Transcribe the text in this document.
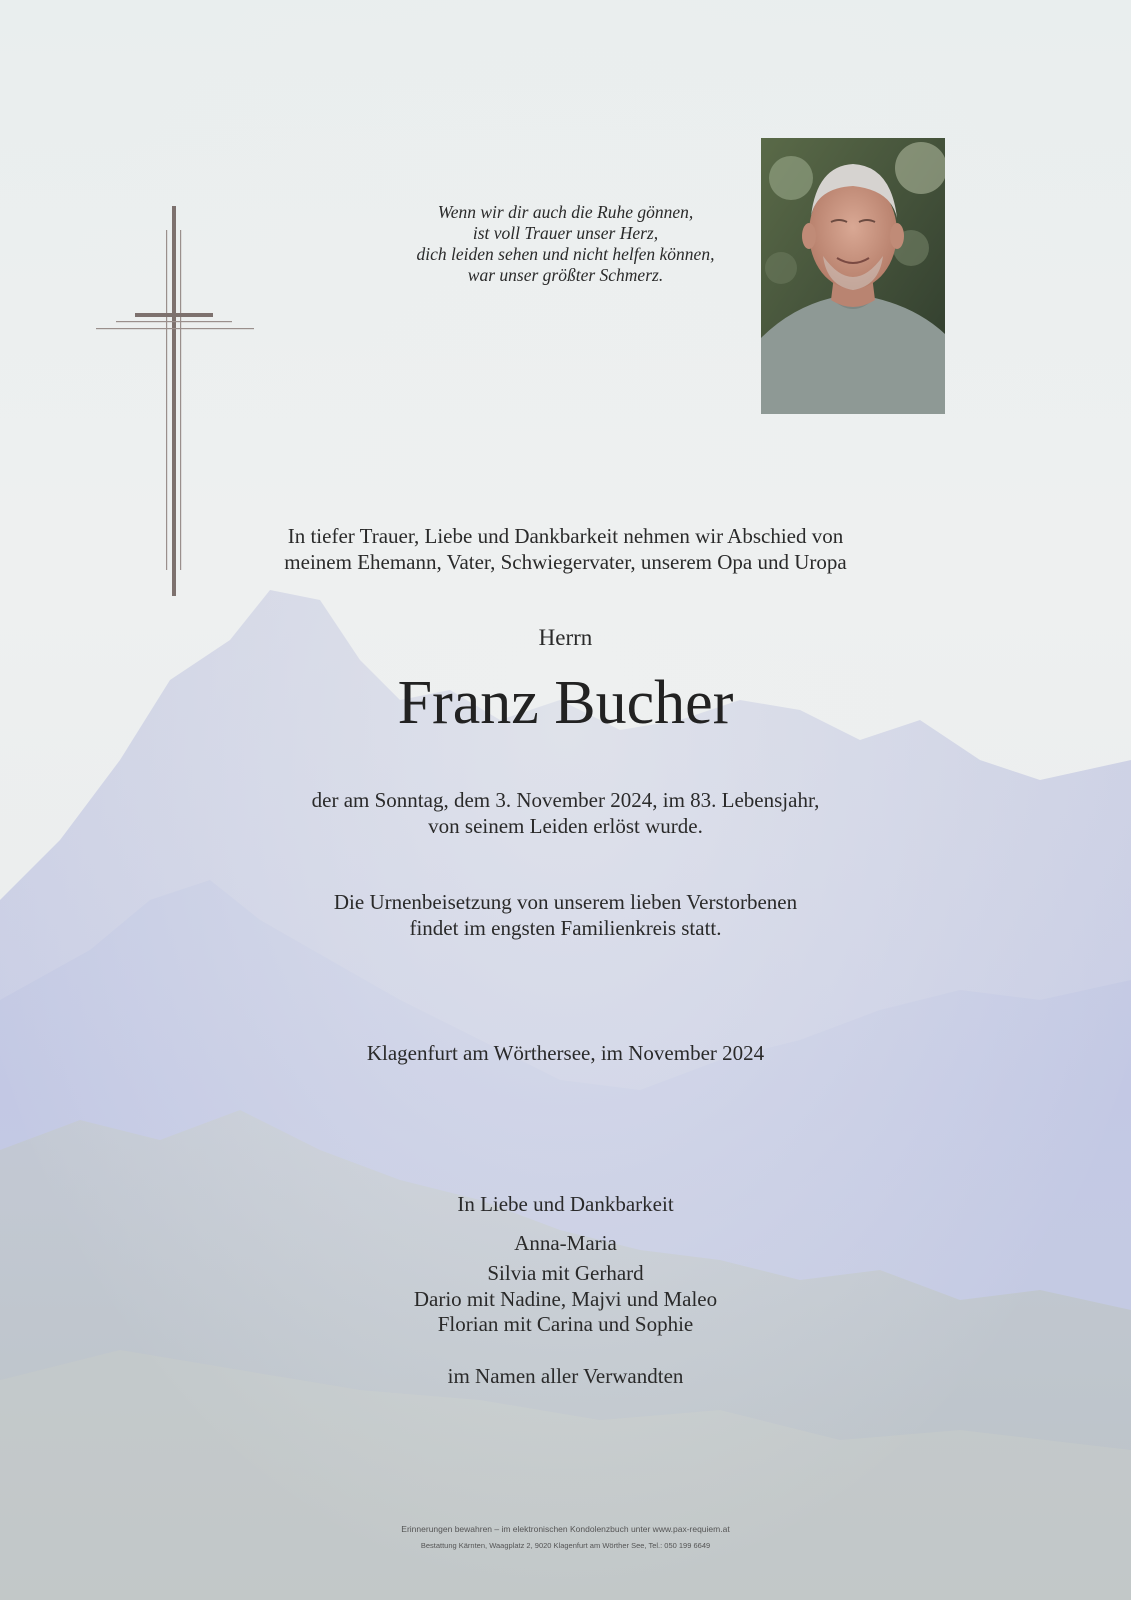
Wenn wir dir auch die Ruhe gönnen,
ist voll Trauer unser Herz,
dich leiden sehen und nicht helfen können,
war unser größter Schmerz.
In tiefer Trauer, Liebe und Dankbarkeit nehmen wir Abschied von
meinem Ehemann, Vater, Schwiegervater, unserem Opa und Uropa
Herrn
Franz Bucher
der am Sonntag, dem 3. November 2024, im 83. Lebensjahr,
von seinem Leiden erlöst wurde.
Die Urnenbeisetzung von unserem lieben Verstorbenen
findet im engsten Familienkreis statt.
Klagenfurt am Wörthersee, im November 2024
In Liebe und Dankbarkeit
Anna-Maria
Silvia mit Gerhard
Dario mit Nadine, Majvi und Maleo
Florian mit Carina und Sophie
im Namen aller Verwandten
Erinnerungen bewahren – im elektronischen Kondolenzbuch unter www.pax-requiem.at
Bestattung Kärnten, Waagplatz 2, 9020 Klagenfurt am Wörther See, Tel.: 050 199 6649
